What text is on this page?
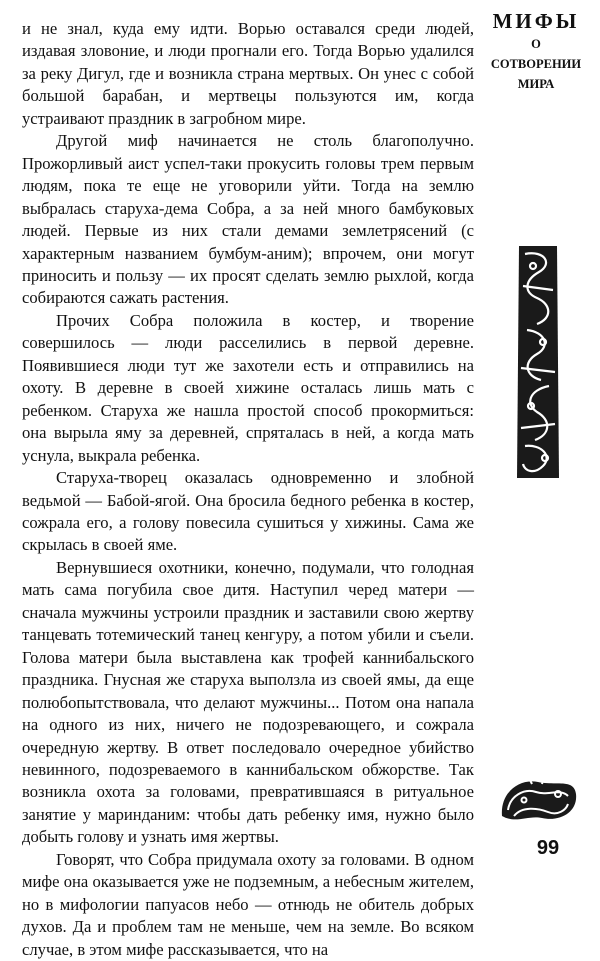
и не знал, куда ему идти. Ворью оставался среди людей, издавая зловоние, и люди прогнали его. Тогда Ворью удалился за реку Дигул, где и возникла страна мертвых. Он унес с собой большой барабан, и мертвецы пользуются им, когда устраивают праздник в загробном мире.

Другой миф начинается не столь благополучно. Прожорливый аист успел-таки прокусить головы трем первым людям, пока те еще не уговорили уйти. Тогда на землю выбралась старуха-дема Собра, а за ней много бамбуковых людей. Первые из них стали демами землетрясений (с характерным названием бумбум-аним); впрочем, они могут приносить и пользу — их просят сделать землю рыхлой, когда собираются сажать растения.

Прочих Собра положила в костер, и творение совершилось — люди расселились в первой деревне. Появившиеся люди тут же захотели есть и отправились на охоту. В деревне в своей хижине осталась лишь мать с ребенком. Старуха же нашла простой способ прокормиться: она вырыла яму за деревней, спряталась в ней, а когда мать уснула, выкрала ребенка.

Старуха-творец оказалась одновременно и злобной ведьмой — Бабой-ягой. Она бросила бедного ребенка в костер, сожрала его, а голову повесила сушиться у хижины. Сама же скрылась в своей яме.

Вернувшиеся охотники, конечно, подумали, что голодная мать сама погубила свое дитя. Наступил черед матери — сначала мужчины устроили праздник и заставили свою жертву танцевать тотемический танец кенгуру, а потом убили и съели. Голова матери была выставлена как трофей каннибальского праздника. Гнусная же старуха выползла из своей ямы, да еще полюбопытствовала, что делают мужчины... Потом она напала на одного из них, ничего не подозревающего, и сожрала очередную жертву. В ответ последовало очередное убийство невинного, подозреваемого в каннибальском обжорстве. Так возникла охота за головами, превратившаяся в ритуальное занятие у маринданим: чтобы дать ребенку имя, нужно было добыть голову и узнать имя жертвы.

Говорят, что Собра придумала охоту за головами. В одном мифе она оказывается уже не подземным, а небесным жителем, но в мифологии папуасов небо — отнюдь не обитель добрых духов. Да и проблем там не меньше, чем на земле. Во всяком случае, в этом мифе рассказывается, что на

МИФЫ
О СОТВОРЕНИИ
МИРА
99
